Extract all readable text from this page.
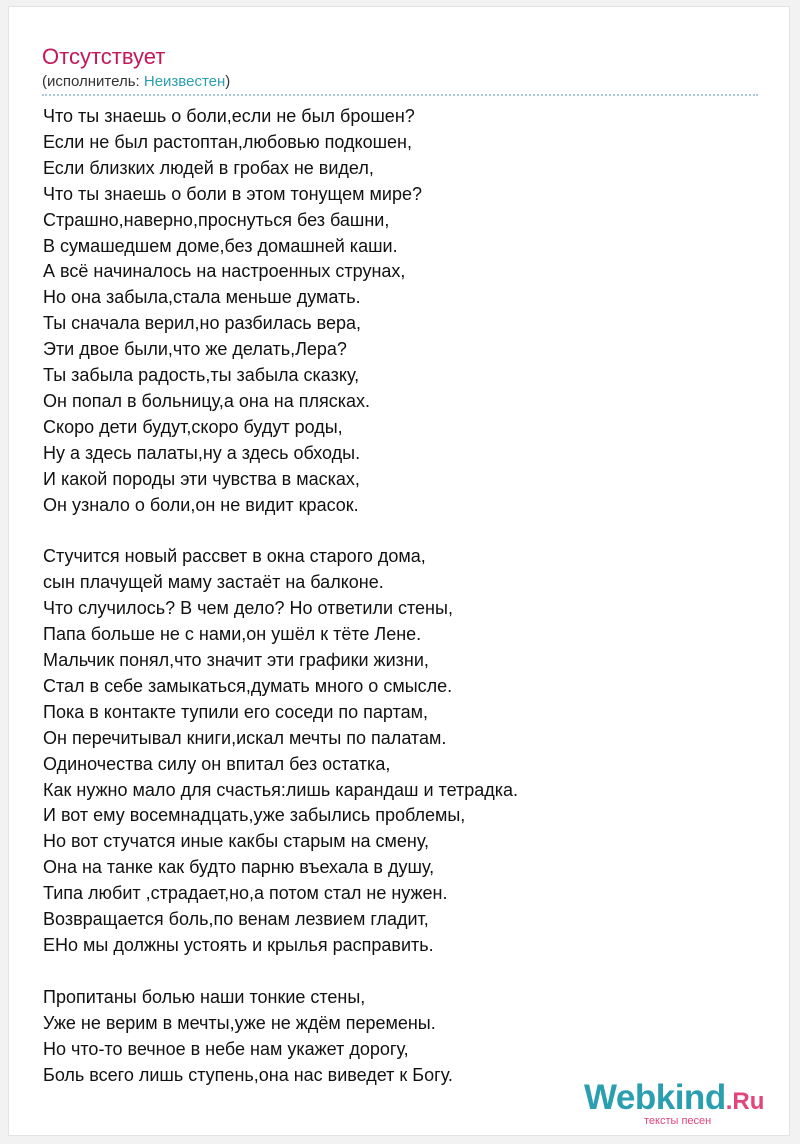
Отсутствует
(исполнитель: Неизвестен)
Что ты знаешь о боли,если не был брошен?
Если не был растоптан,любовью подкошен,
Если близких людей в гробах не видел,
Что ты знаешь о боли в этом тонущем мире?
Страшно,наверно,проснуться без башни,
В сумашедшем доме,без домашней каши.
А всё начиналось на настроенных струнах,
Но она забыла,стала меньше думать.
Ты сначала верил,но разбилась вера,
Эти двое были,что же делать,Лера?
Ты забыла радость,ты забыла сказку,
Он попал в больницу,а она на плясках.
Скоро дети будут,скоро будут роды,
Ну а здесь палаты,ну а здесь обходы.
И какой породы эти чувства в масках,
Он узнало о боли,он не видит красок.
Стучится новый рассвет в окна старого дома,
сын плачущей маму застаёт на балконе.
Что случилось? В чем дело? Но ответили стены,
Папа больше не с нами,он ушёл к тёте Лене.
Мальчик понял,что значит эти графики жизни,
Стал в себе замыкаться,думать много о смысле.
Пока в контакте тупили его соседи по партам,
Он перечитывал книги,искал мечты по палатам.
Одиночества силу он впитал без остатка,
Как нужно мало для счастья:лишь карандаш и тетрадка.
И вот ему восемнадцать,уже забылись проблемы,
Но вот стучатся иные какбы старым на смену,
Она на танке как будто парню въехала в душу,
Типа любит ,страдает,но,а потом стал не нужен.
Возвращается боль,по венам лезвием гладит,
ЕНо мы должны устоять и крылья расправить.
Пропитаны болью наши тонкие стены,
Уже не верим в мечты,уже не ждём перемены.
Но что-то вечное в небе нам укажет дорогу,
Боль всего лишь ступень,она нас виведет к Богу.
Webkind.Ru
тексты песен
